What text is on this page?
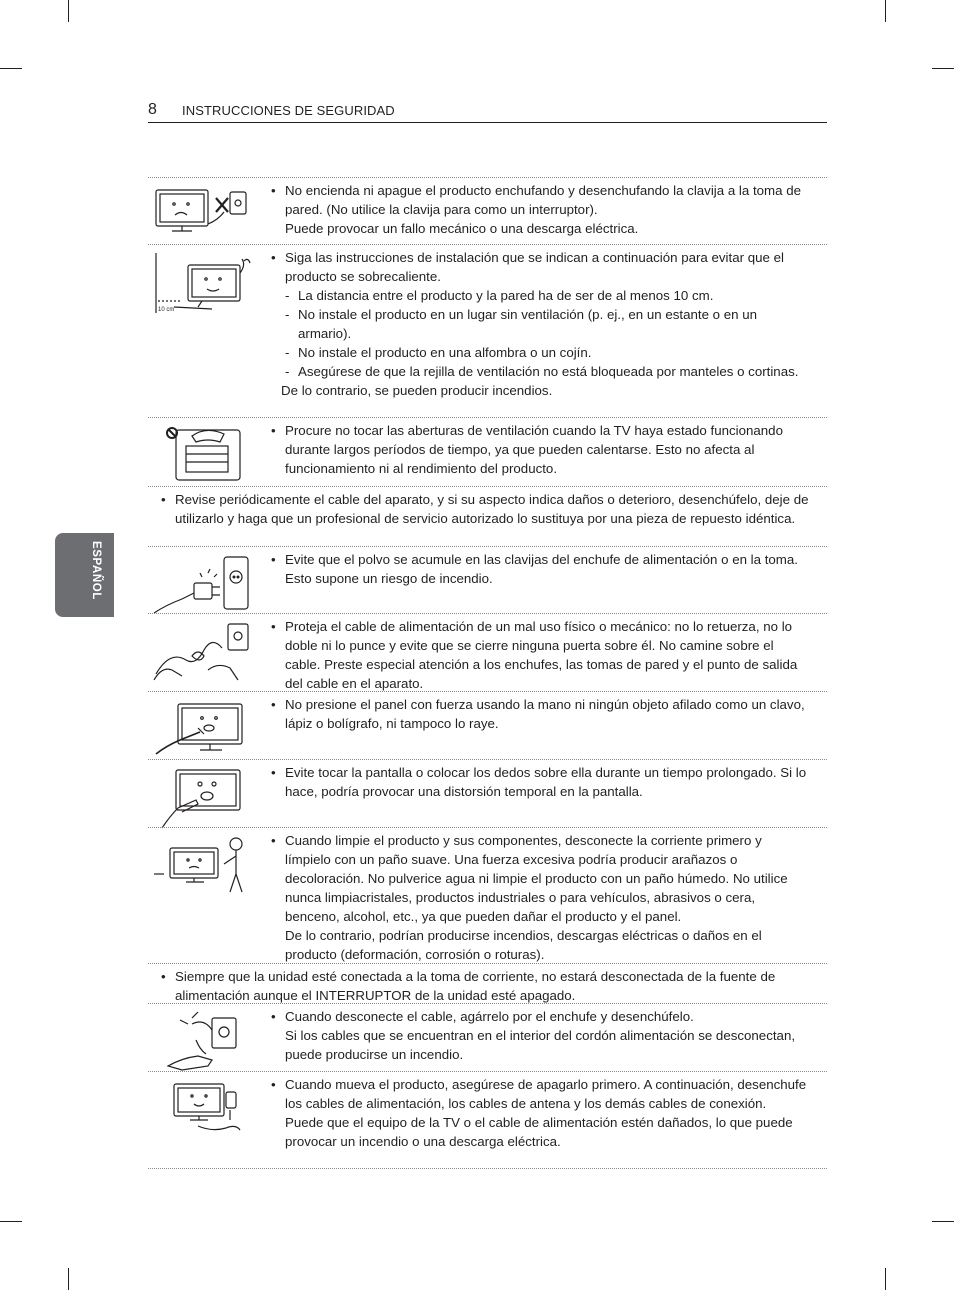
8 INSTRUCCIONES DE SEGURIDAD
ESPAÑOL
• No encienda ni apague el producto enchufando y desenchufando la clavija a la toma de pared. (No utilice la clavija para como un interruptor).
Puede provocar un fallo mecánico o una descarga eléctrica.
10 cm
• Siga las instrucciones de instalación que se indican a continuación para evitar que el producto se sobrecaliente.
- La distancia entre el producto y la pared ha de ser de al menos 10 cm.
- No instale el producto en un lugar sin ventilación (p. ej., en un estante o en un armario).
- No instale el producto en una alfombra o un cojín.
- Asegúrese de que la rejilla de ventilación no está bloqueada por manteles o cortinas.
De lo contrario, se pueden producir incendios.
• Procure no tocar las aberturas de ventilación cuando la TV haya estado funcionando durante largos períodos de tiempo, ya que pueden calentarse. Esto no afecta al funcionamiento ni al rendimiento del producto.
• Revise periódicamente el cable del aparato, y si su aspecto indica daños o deterioro, desenchúfelo, deje de utilizarlo y haga que un profesional de servicio autorizado lo sustituya por una pieza de repuesto idéntica.
• Evite que el polvo se acumule en las clavijas del enchufe de alimentación o en la toma.
Esto supone un riesgo de incendio.
• Proteja el cable de alimentación de un mal uso físico o mecánico: no lo retuerza, no lo doble ni lo punce y evite que se cierre ninguna puerta sobre él. No camine sobre el cable. Preste especial atención a los enchufes, las tomas de pared y el punto de salida del cable en el aparato.
• No presione el panel con fuerza usando la mano ni ningún objeto afilado como un clavo, lápiz o bolígrafo, ni tampoco lo raye.
• Evite tocar la pantalla o colocar los dedos sobre ella durante un tiempo prolongado. Si lo hace, podría provocar una distorsión temporal en la pantalla.
• Cuando limpie el producto y sus componentes, desconecte la corriente primero y límpielo con un paño suave. Una fuerza excesiva podría producir arañazos o decoloración. No pulverice agua ni limpie el producto con un paño húmedo. No utilice nunca limpiacristales, productos industriales o para vehículos, abrasivos o cera, benceno, alcohol, etc., ya que pueden dañar el producto y el panel.
De lo contrario, podrían producirse incendios, descargas eléctricas o daños en el producto (deformación, corrosión o roturas).
• Siempre que la unidad esté conectada a la toma de corriente, no estará desconectada de la fuente de alimentación aunque el INTERRUPTOR de la unidad esté apagado.
• Cuando desconecte el cable, agárrelo por el enchufe y desenchúfelo.
Si los cables que se encuentran en el interior del cordón alimentación se desconectan, puede producirse un incendio.
• Cuando mueva el producto, asegúrese de apagarlo primero. A continuación, desenchufe los cables de alimentación, los cables de antena y los demás cables de conexión.
Puede que el equipo de la TV o el cable de alimentación estén dañados, lo que puede provocar un incendio o una descarga eléctrica.
